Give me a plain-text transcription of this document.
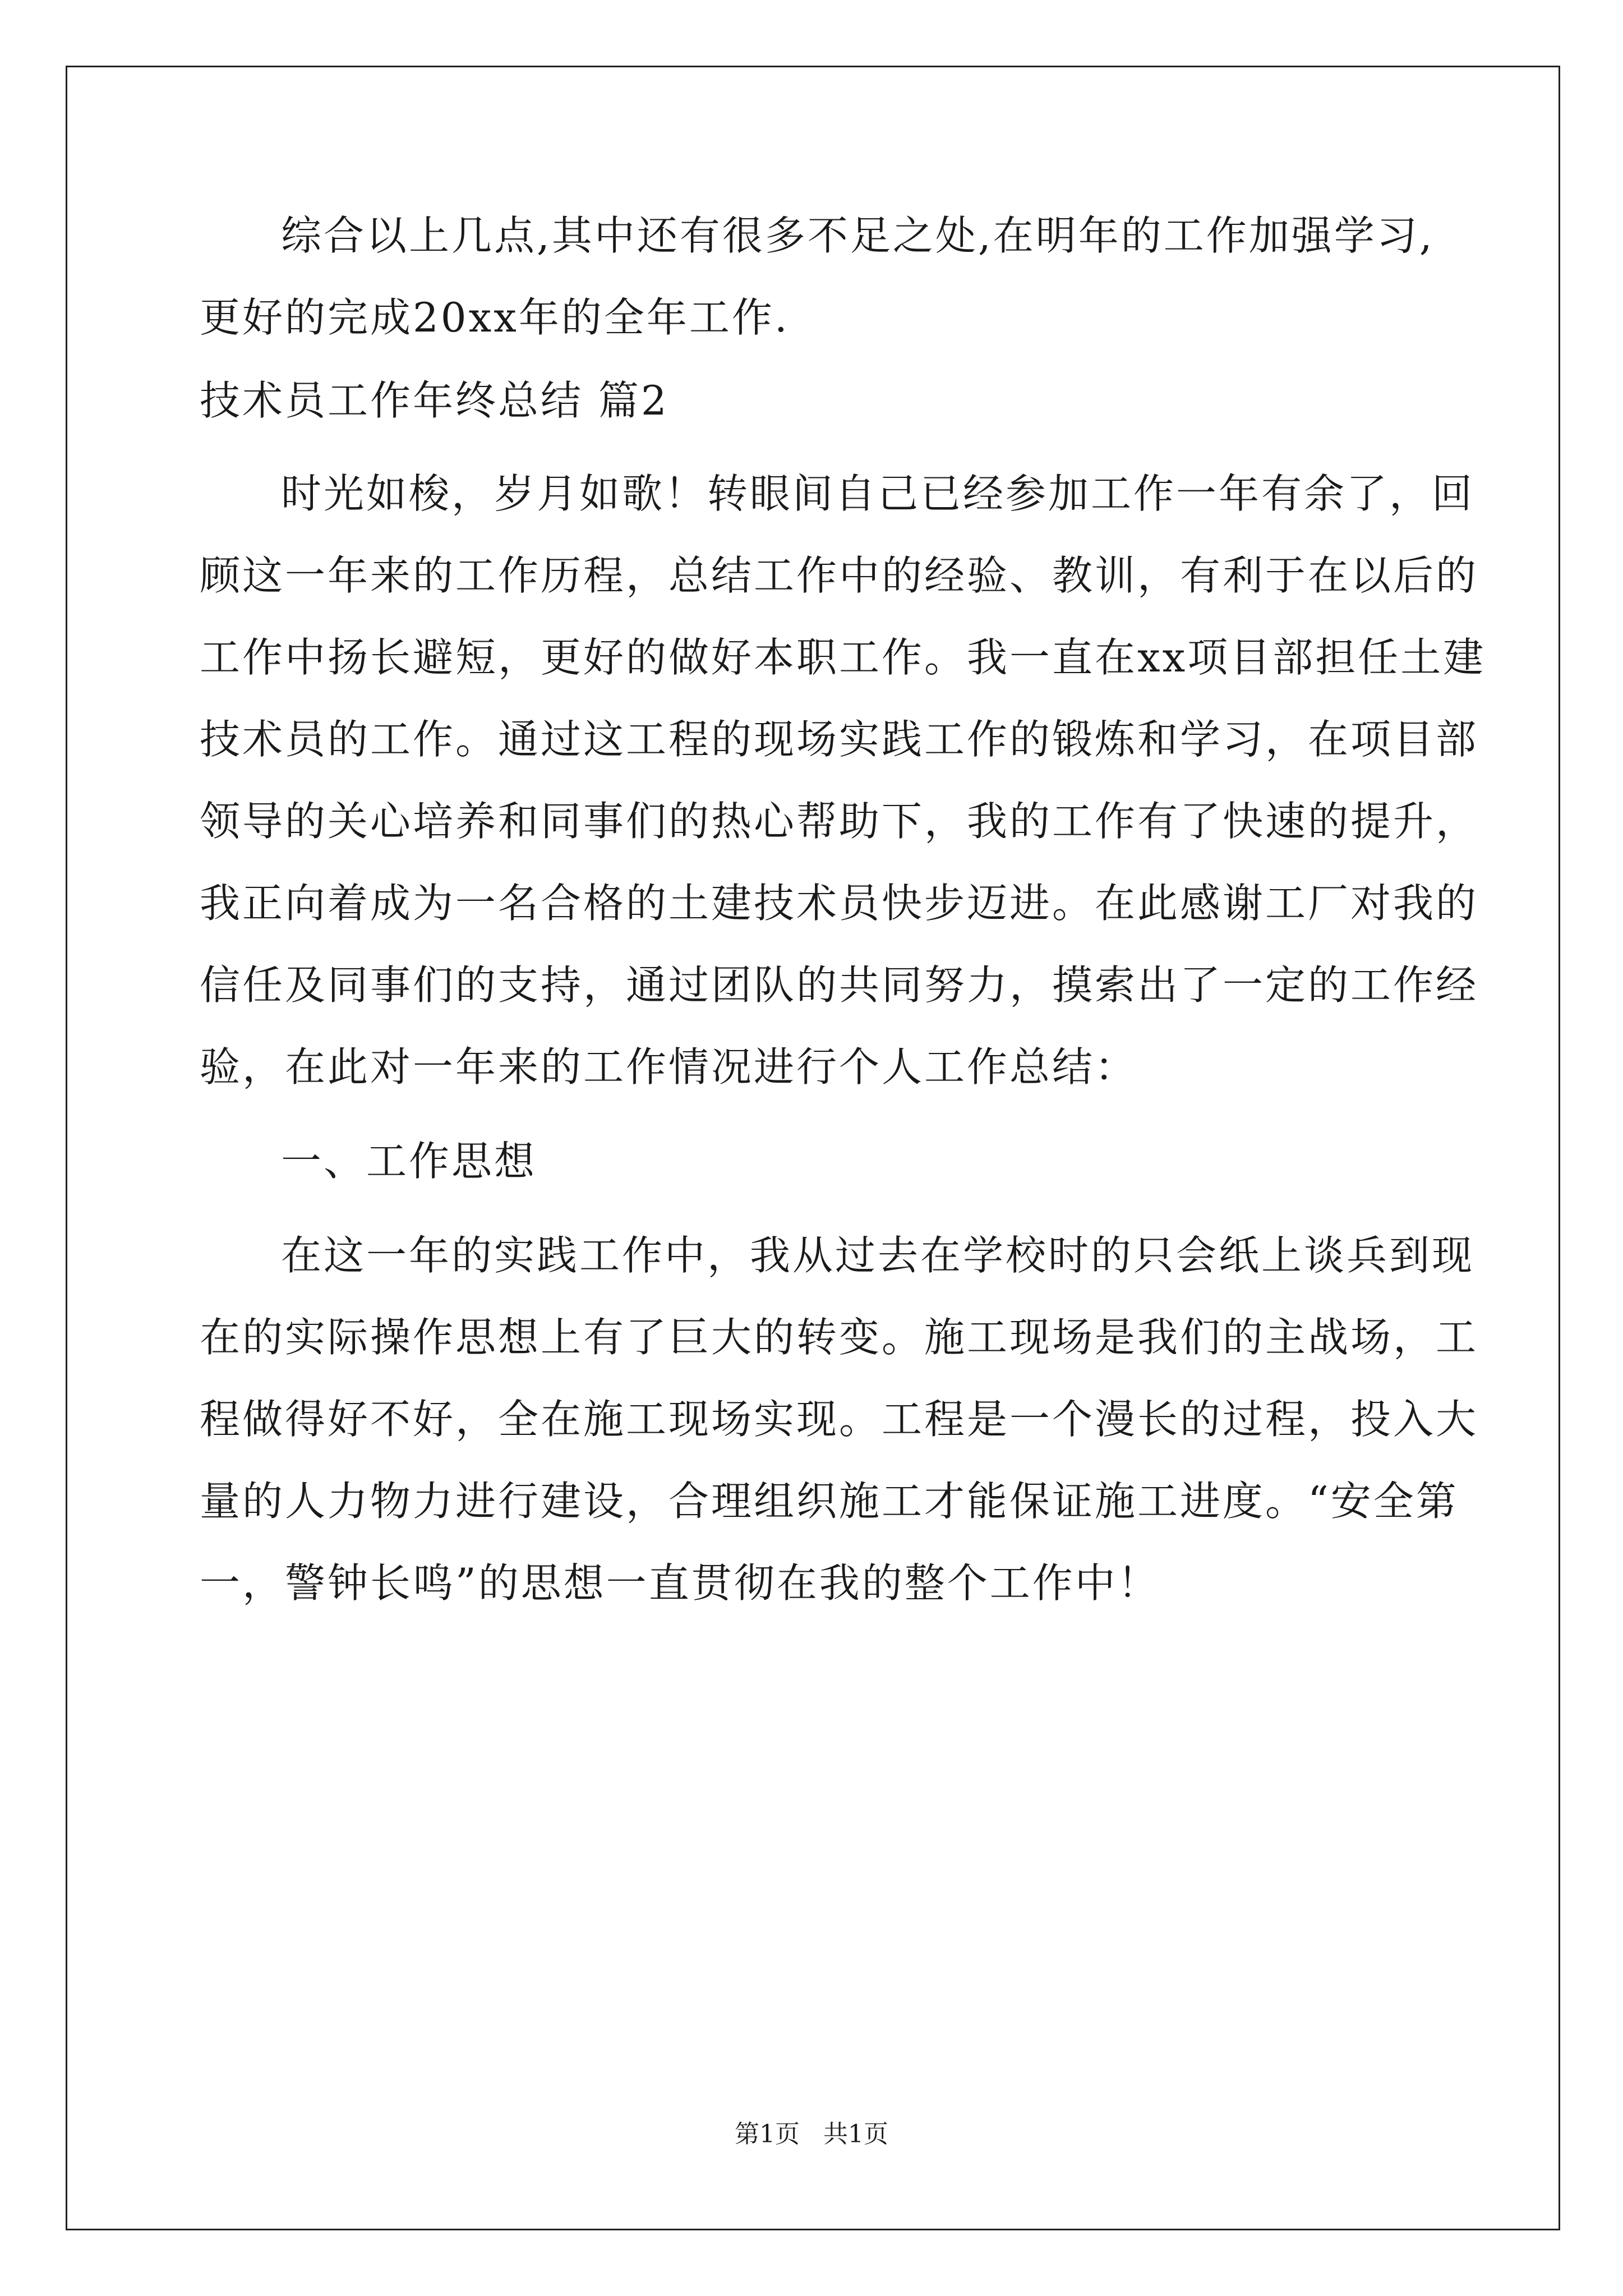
综合以上几点,其中还有很多不足之处,在明年的工作加强学习,
更好的完成20xx年的全年工作.
技术员工作年终总结 篇2
时光如梭，岁月如歌！转眼间自己已经参加工作一年有余了，回
顾这一年来的工作历程，总结工作中的经验、教训，有利于在以后的
工作中扬长避短，更好的做好本职工作。我一直在xx项目部担任土建
技术员的工作。通过这工程的现场实践工作的锻炼和学习，在项目部
领导的关心培养和同事们的热心帮助下，我的工作有了快速的提升，
我正向着成为一名合格的土建技术员快步迈进。在此感谢工厂对我的
信任及同事们的支持，通过团队的共同努力，摸索出了一定的工作经
验，在此对一年来的工作情况进行个人工作总结：
一、工作思想
在这一年的实践工作中，我从过去在学校时的只会纸上谈兵到现
在的实际操作思想上有了巨大的转变。施工现场是我们的主战场，工
程做得好不好，全在施工现场实现。工程是一个漫长的过程，投入大
量的人力物力进行建设，合理组织施工才能保证施工进度。“安全第
一，警钟长鸣”的思想一直贯彻在我的整个工作中！
第1页 共1页
